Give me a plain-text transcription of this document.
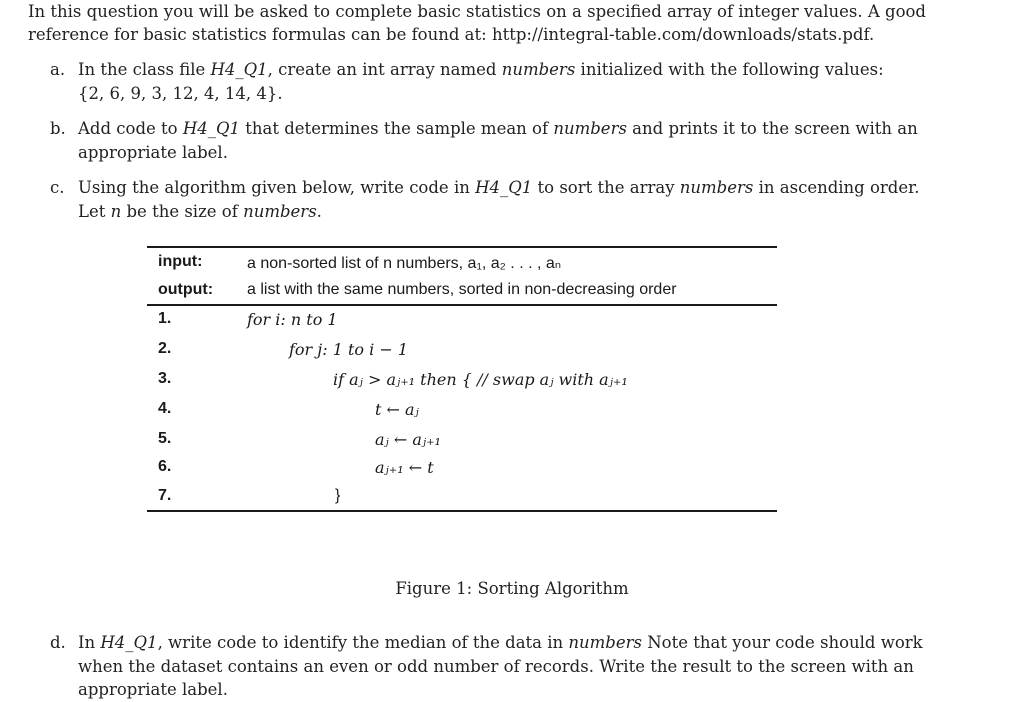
In this question you will be asked to complete basic statistics on a specified array of integer values. A good
reference for basic statistics formulas can be found at: http://integral-table.com/downloads/stats.pdf.
a. In the class file H4_Q1, create an int array named numbers initialized with the following values:
{2, 6, 9, 3, 12, 4, 14, 4}.
b. Add code to H4_Q1 that determines the sample mean of numbers and prints it to the screen with an
appropriate label.
c. Using the algorithm given below, write code in H4_Q1 to sort the array numbers in ascending order.
Let n be the size of numbers.
input:	a non-sorted list of n numbers, a₁, a₂ . . . , aₙ
output: a list with the same numbers, sorted in non-decreasing order
1.	for i: n to 1
2.	for j: 1 to i − 1
3.	if aⱼ > aⱼ₊₁ then { // swap aⱼ with aⱼ₊₁
4.	t ← aⱼ
5.	aⱼ ← aⱼ₊₁
6.	aⱼ₊₁ ← t
7.	}
Figure 1: Sorting Algorithm
d. In H4_Q1, write code to identify the median of the data in numbers Note that your code should work
when the dataset contains an even or odd number of records. Write the result to the screen with an
appropriate label.
